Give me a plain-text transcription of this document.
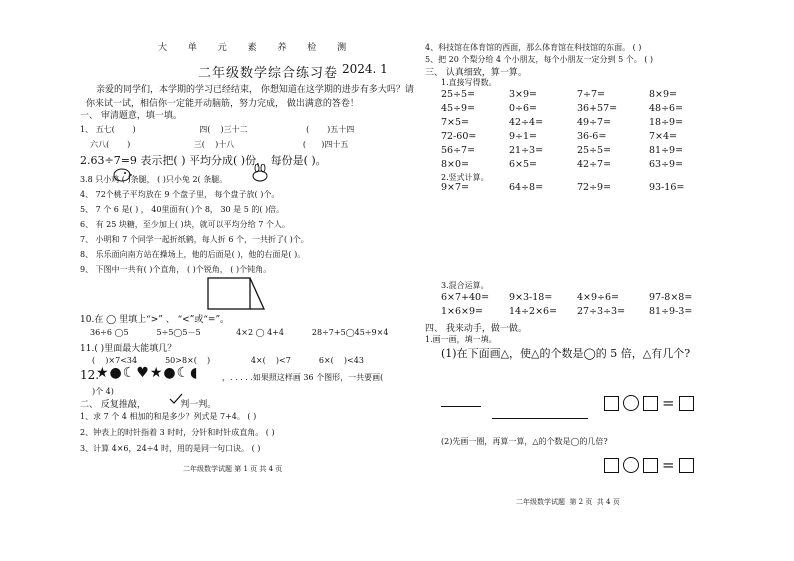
大 单 元 素 养 检 测
二年级数学综合练习卷 2024. 1
亲爱的同学们，本学期的学习已经结束， 你想知道在这学期的进步有多大吗？请
你来试一试，相信你一定能开动脑筋，努力完成， 做出满意的答卷！
一、 审清题意，填一填。
1、 五七(       )                         四(    )三十二                       (       )五十四
六八(       )                         三(    )十八                           (      )四十五
2.63÷7=9 表示把( ) 平均分成( )份， 每份是( )。
3.8 只小鸡 ( )条腿， ( )只小兔 2( 条腿。
4、 72个桃子平均放在 9 个盘子里， 每个盘子放( )个。
5、 7 个 6 是( ) ， 40里面有( )个 8， 30 是 5 的( )倍。
6、 有 25 块糖，至少加上( )块，就可以平均分给 7 个人。
7、 小明和 7 个同学一起折纸鹤，每人折 6 个，一共折了( )个。
8、 乐乐面向南方站在操场上，他的后面是( )，他的右面是( )。
9、 下图中一共有( )个直角， ( )个锐角， ( )个钝角。
10.在 ◯ 里填上“>” 、 “<”或“=”。
36÷6 ◯5           5÷5◯5－5              4×2 ◯ 4+4           28÷7+5◯45÷9×4
11.( )里面最大能填几？
(    )×7<34           50>8×(    )                4×(    )<7           6×(    )<43
12.
★●☾♥★●☾◖	，. . . . .如果照这样画 36 个图形，一共要画(
)个 4)
二、 反复推敲，            判一判。
1、求 7 个 4 相加的和是多少？列式是 7+4。 ( )
2、钟表上的时针指着 3 时时，分针和时针成直角。 ( )
3、计算 4×6，24÷4 时，用的是同一句口诀。 ( )
二年级数学试题 第 1 页 共 4 页
4、科技馆在体育馆的西面，那么体育馆在科技馆的东面。 ( )
5、把 20 个梨分给 4 个小朋友，每个小朋友一定分到 5 个。 ( )
三、 认真细致，算一算。
1.直接写得数。
25÷5=	3×9=	7÷7=	8×9=
45÷9=	0÷6=	36+57=	48÷6=
7×5=	42÷4=	49÷7=	18÷9=
72-60=	9÷1=	36-6=	7×4=
56÷7=	21÷3=	25÷5=	81÷9=
8×0=	6×5=	42÷7=	63÷9=
2.竖式计算。
9×7=	64÷8=	72÷9=	93-16=
3.混合运算。
6×7+40=	9×3-18=	4×9÷6=	97-8×8=
1×6×9=	14÷2×6=	27÷3÷3=	81÷9-3=
四、 我来动手，做一做。
1.画一画，填一填。
(1)在下面画△，使△的个数是◯的 5 倍，△有几个?
=
(2)先画一圈，再算一算，△的个数是◯的几倍?
=
二年级数学试题  第 2 页  共 4 页
